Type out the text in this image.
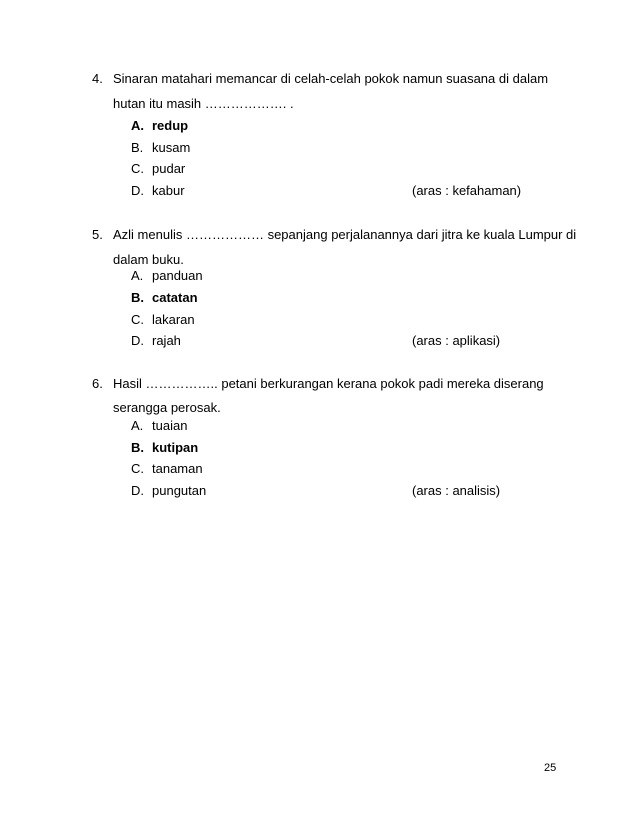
4. Sinaran matahari memancar di celah-celah pokok namun suasana di dalam
hutan itu masih ………………. .
A. redup
B. kusam
C. pudar
D. kabur	(aras : kefahaman)
5. Azli menulis ……………… sepanjang perjalanannya dari jitra ke kuala Lumpur di
dalam buku.
A. panduan
B. catatan
C. lakaran
D. rajah	(aras : aplikasi)
6. Hasil …………….. petani berkurangan kerana pokok padi mereka diserang
serangga perosak.
A. tuaian
B. kutipan
C. tanaman
D. pungutan	(aras : analisis)
25
